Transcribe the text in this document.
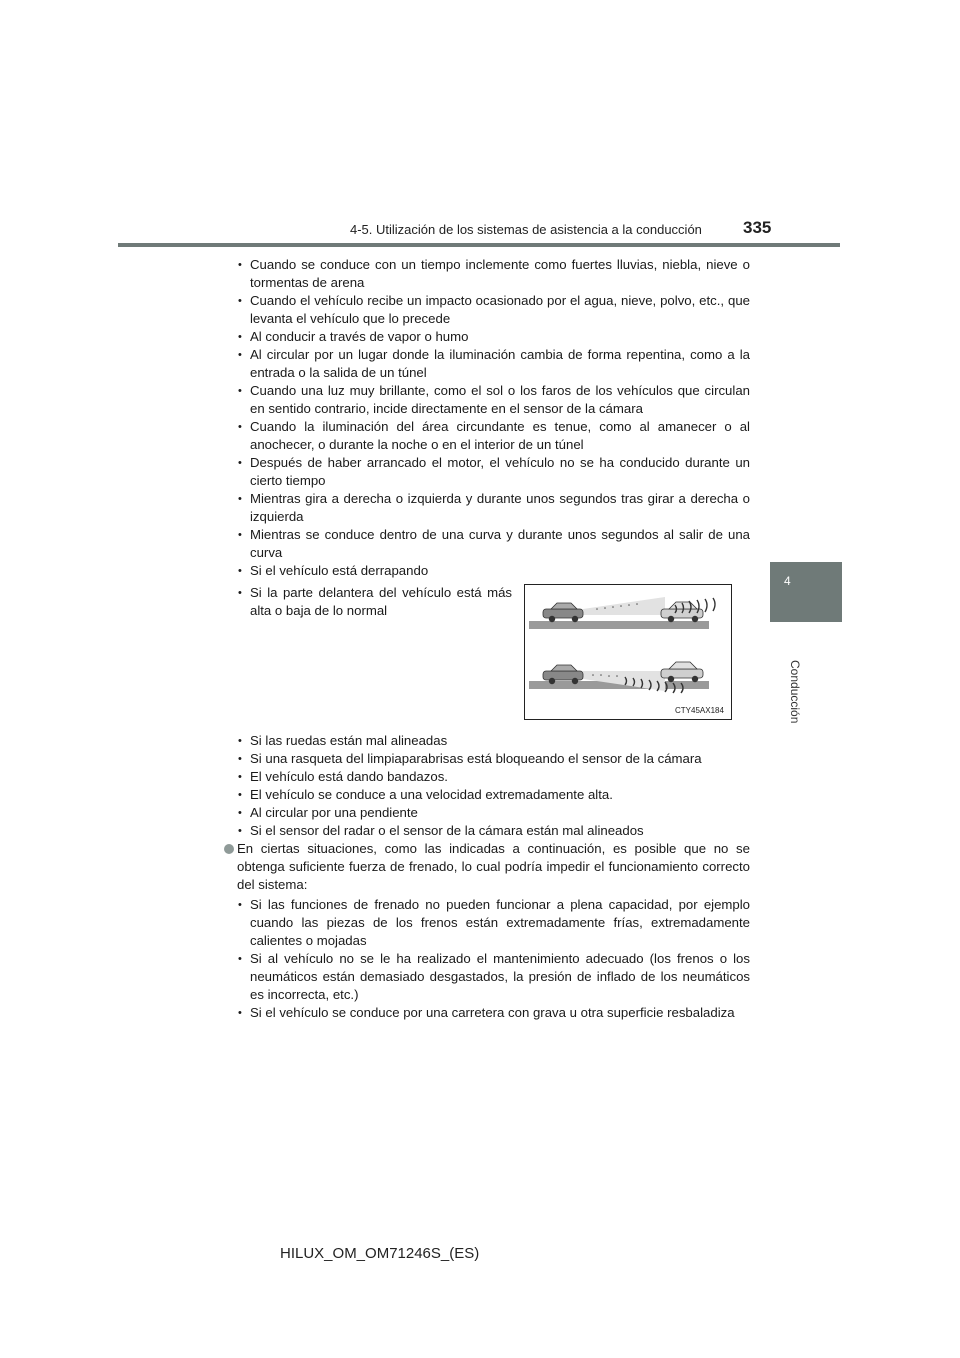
4-5. Utilización de los sistemas de asistencia a la conducción 335
4
Conducción
• Cuando se conduce con un tiempo inclemente como fuertes lluvias, niebla, nieve o tormentas de arena
• Cuando el vehículo recibe un impacto ocasionado por el agua, nieve, polvo, etc., que levanta el vehículo que lo precede
• Al conducir a través de vapor o humo
• Al circular por un lugar donde la iluminación cambia de forma repentina, como a la entrada o la salida de un túnel
• Cuando una luz muy brillante, como el sol o los faros de los vehículos que circulan en sentido contrario, incide directamente en el sensor de la cámara
• Cuando la iluminación del área circundante es tenue, como al amanecer o al anochecer, o durante la noche o en el interior de un túnel
• Después de haber arrancado el motor, el vehículo no se ha conducido durante un cierto tiempo
• Mientras gira a derecha o izquierda y durante unos segundos tras girar a derecha o izquierda
• Mientras se conduce dentro de una curva y durante unos segundos al salir de una curva
• Si el vehículo está derrapando
• Si la parte delantera del vehículo está más alta o baja de lo normal
CTY45AX184
• Si las ruedas están mal alineadas
• Si una rasqueta del limpiaparabrisas está bloqueando el sensor de la cámara
• El vehículo está dando bandazos.
• El vehículo se conduce a una velocidad extremadamente alta.
• Al circular por una pendiente
• Si el sensor del radar o el sensor de la cámara están mal alineados
En ciertas situaciones, como las indicadas a continuación, es posible que no se obtenga suficiente fuerza de frenado, lo cual podría impedir el funcionamiento correcto del sistema:
• Si las funciones de frenado no pueden funcionar a plena capacidad, por ejemplo cuando las piezas de los frenos están extremadamente frías, extremadamente calientes o mojadas
• Si al vehículo no se le ha realizado el mantenimiento adecuado (los frenos o los neumáticos están demasiado desgastados, la presión de inflado de los neumáticos es incorrecta, etc.)
• Si el vehículo se conduce por una carretera con grava u otra superficie resbaladiza
HILUX_OM_OM71246S_(ES)
